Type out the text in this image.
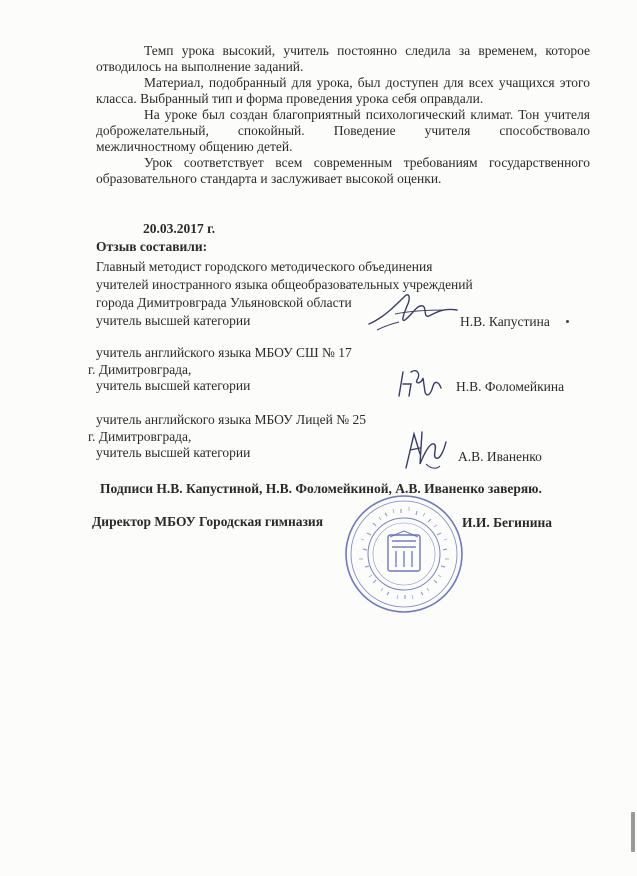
Темп урока высокий, учитель постоянно следила за временем, которое отводилось на выполнение заданий.

Материал, подобранный для урока, был доступен для всех учащихся этого класса. Выбранный тип и форма проведения урока себя оправдали.

На уроке был создан благоприятный психологический климат. Тон учителя доброжелательный, спокойный. Поведение учителя способствовало межличностному общению детей.

Урок соответствует всем современным требованиям государственного образовательного стандарта и заслуживает высокой оценки.

20.03.2017 г.
Отзыв составили:
Главный методист городского методического объединения
учителей иностранного языка общеобразовательных учреждений
города Димитровграда Ульяновской области
учитель высшей категории	Н.В. Капустина
учитель английского языка МБОУ СШ № 17
г. Димитровграда,
учитель высшей категории	Н.В. Фоломейкина
учитель английского языка МБОУ Лицей № 25
г. Димитровграда,
учитель высшей категории	А.В. Иваненко
Подписи Н.В. Капустиной, Н.В. Фоломейкиной, А.В. Иваненко заверяю.
Директор МБОУ Городская гимназия	И.И. Бегинина
